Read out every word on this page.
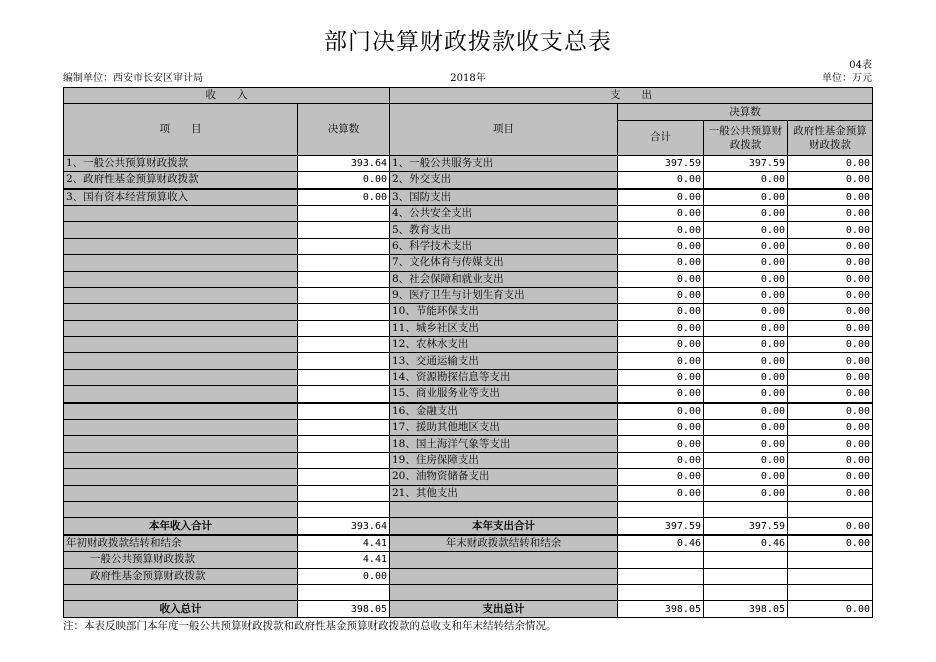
部门决算财政拨款收支总表
04表
编制单位：西安市长安区审计局	2018年	单位：万元
收　　入		支　　出			
项　　目	决算数	项目	决算数		
			合计	一般公共预算财政拨款	政府性基金预算财政拨款
1、一般公共预算财政拨款	393.64	1、一般公共服务支出	397.59	397.59	0.00
2、政府性基金预算财政拨款	0.00	2、外交支出	0.00	0.00	0.00
3、国有资本经营预算收入	0.00	3、国防支出	0.00	0.00	0.00
		4、公共安全支出	0.00	0.00	0.00
		5、教育支出	0.00	0.00	0.00
		6、科学技术支出	0.00	0.00	0.00
		7、文化体育与传媒支出	0.00	0.00	0.00
		8、社会保障和就业支出	0.00	0.00	0.00
		9、医疗卫生与计划生育支出	0.00	0.00	0.00
		10、节能环保支出	0.00	0.00	0.00
		11、城乡社区支出	0.00	0.00	0.00
		12、农林水支出	0.00	0.00	0.00
		13、交通运输支出	0.00	0.00	0.00
		14、资源勘探信息等支出	0.00	0.00	0.00
		15、商业服务业等支出	0.00	0.00	0.00
		16、金融支出	0.00	0.00	0.00
		17、援助其他地区支出	0.00	0.00	0.00
		18、国土海洋气象等支出	0.00	0.00	0.00
		19、住房保障支出	0.00	0.00	0.00
		20、油物资储备支出	0.00	0.00	0.00
		21、其他支出	0.00	0.00	0.00

本年收入合计	393.64	本年支出合计	397.59	397.59	0.00
年初财政拨款结转和结余	4.41	年末财政拨款结转和结余	0.46	0.46	0.00
一般公共预算财政拨款	4.41				
政府性基金预算财政拨款	0.00				

收入总计	398.05	支出总计	398.05	398.05	0.00
注：本表反映部门本年度一般公共预算财政拨款和政府性基金预算财政拨款的总收支和年末结转结余情况。
